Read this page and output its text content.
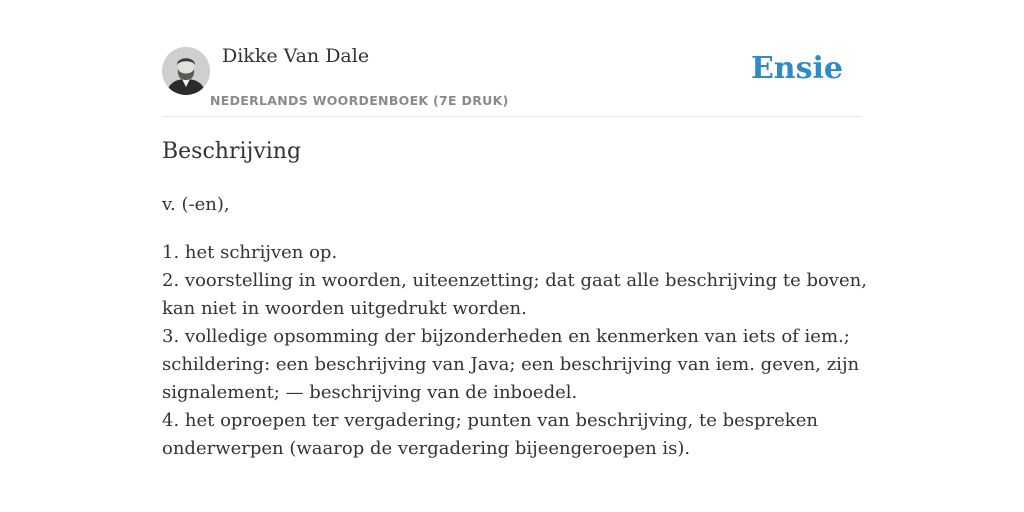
Dikke Van Dale
NEDERLANDS WOORDENBOEK (7E DRUK)
Ensie
Beschrijving
v. (-en),
1. het schrijven op.
2. voorstelling in woorden, uiteenzetting; dat gaat alle beschrijving te boven, kan niet in woorden uitgedrukt worden.
3. volledige opsomming der bijzonderheden en kenmerken van iets of iem.; schildering: een beschrijving van Java; een beschrijving van iem. geven, zijn signalement; — beschrijving van de inboedel.
4. het oproepen ter vergadering; punten van beschrijving, te bespreken onderwerpen (waarop de vergadering bijeengeroepen is).
